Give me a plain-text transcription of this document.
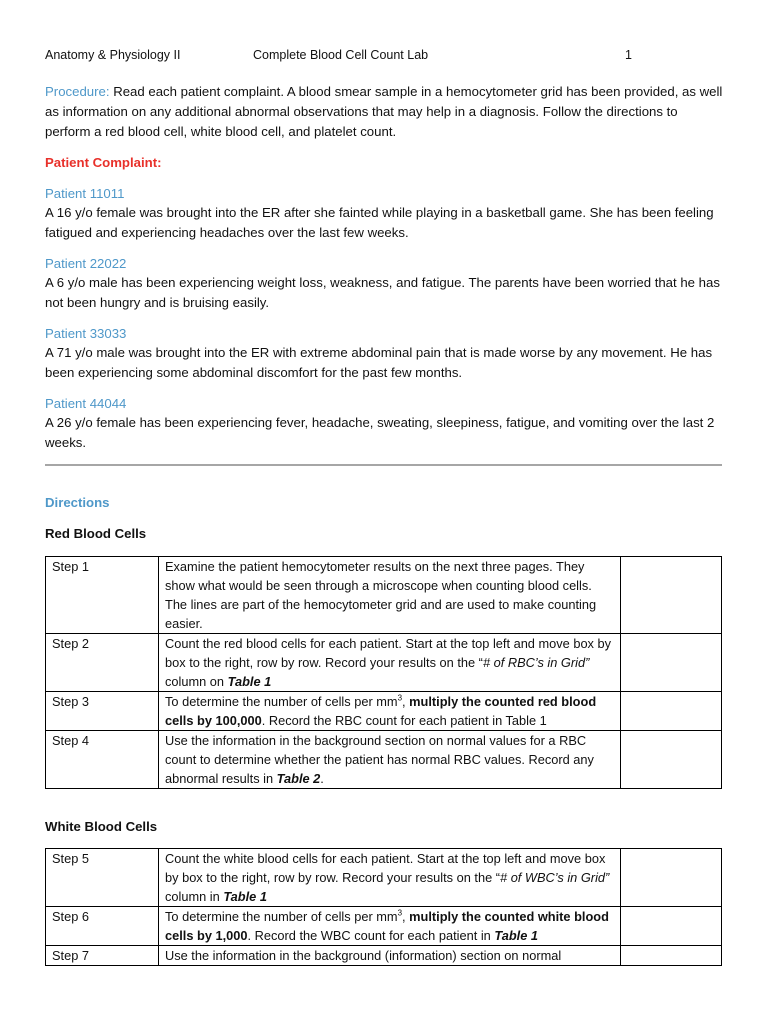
Anatomy & Physiology II	Complete Blood Cell Count Lab	1
Procedure: Read each patient complaint. A blood smear sample in a hemocytometer grid has been provided, as well as information on any additional abnormal observations that may help in a diagnosis. Follow the directions to perform a red blood cell, white blood cell, and platelet count.
Patient Complaint:
Patient 11011
A 16 y/o female was brought into the ER after she fainted while playing in a basketball game. She has been feeling fatigued and experiencing headaches over the last few weeks.
Patient 22022
A 6 y/o male has been experiencing weight loss, weakness, and fatigue. The parents have been worried that he has not been hungry and is bruising easily.
Patient 33033
A 71 y/o male was brought into the ER with extreme abdominal pain that is made worse by any movement. He has been experiencing some abdominal discomfort for the past few months.
Patient 44044
A 26 y/o female has been experiencing fever, headache, sweating, sleepiness, fatigue, and vomiting over the last 2 weeks.
Directions
Red Blood Cells
Step 1	Examine the patient hemocytometer results on the next three pages. They show what would be seen through a microscope when counting blood cells. The lines are part of the hemocytometer grid and are used to make counting easier.	
Step 2	Count the red blood cells for each patient. Start at the top left and move box by box to the right, row by row. Record your results on the “# of RBC’s in Grid” column on Table 1	
Step 3	To determine the number of cells per $mm^3$, multiply the counted red blood cells by 100,000. Record the RBC count for each patient in Table 1	
Step 4	Use the information in the background section on normal values for a RBC count to determine whether the patient has normal RBC values. Record any abnormal results in Table 2.	
White Blood Cells
Step 5	Count the white blood cells for each patient. Start at the top left and move box by box to the right, row by row. Record your results on the “# of WBC’s in Grid” column in Table 1	
Step 6	To determine the number of cells per $mm^3$, multiply the counted white blood cells by 1,000. Record the WBC count for each patient in Table 1	
Step 7	Use the information in the background (information) section on normal	
